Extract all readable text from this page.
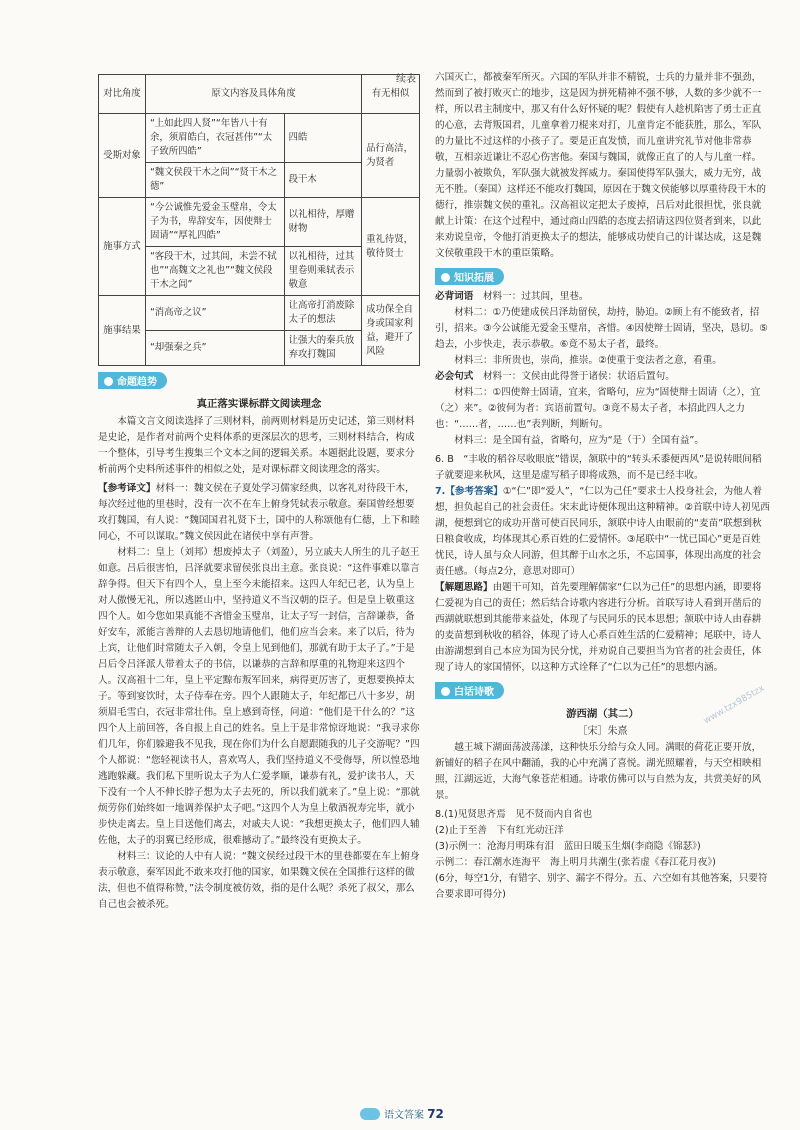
续表
对比角度	原文内容及具体角度		有无相似
受斯对象	“上如此四人贤”“年皆八十有余，须眉皓白，衣冠甚伟”“太子致所四皓”	四皓	品行高洁，为贤者
	“魏文侯段干木之闾”“贤干木之德”	段干木	
施事方式	“今公诚惟先爱金玉璧帛，令太子为书，卑辞安车，因使辩士固请”“厚礼四皓”	以礼相待，厚赠财物	重礼待贤，敬待贤士
	“客段干木，过其闾，未尝不轼也”“高魏文之礼也”“魏文侯段干木之闾”	以礼相待，过其里卷则乘轼表示敬意	
施事结果	“消高帝之议”	让高帝打消废除太子的想法	成功保全自身或国家利益，避开了风险
	“却强秦之兵”	让强大的秦兵放弃攻打魏国	
命题趋势
真正落实课标群文阅读理念

本篇文言文阅读选择了三则材料，前两则材料是历史记述，第三则材料是史论，是作者对前两个史料体系的更深层次的思考，三则材料结合，构成一个整体，引导考生搜集三个文本之间的逻辑关系。本题据此设题，要求分析前两个史料所述事件的相似之处，是对课标群文阅读理念的落实。

【参考译文】材料一：魏文侯在子夏处学习儒家经典，以客礼对待段干木，每次经过他的里巷时，没有一次不在车上俯身凭轼表示敬意。秦国曾经想要攻打魏国，有人说：“魏国国君礼贤下士，国中的人称颂他有仁德，上下和睦同心，不可以谋取。”魏文侯因此在诸侯中享有声誉。

材料二：皇上（刘邦）想废掉太子（刘盈），另立戚夫人所生的儿子赵王如意。吕后很害怕，吕泽就要求留侯张良出主意。张良说：“这件事难以靠言辞争得。但天下有四个人，皇上至今未能招来。这四人年纪已老，认为皇上对人傲慢无礼，所以逃匿山中，坚持道义不当汉朝的臣子。但是皇上敬重这四个人。如今您如果真能不吝惜金玉璧帛，让太子写一封信，言辞谦恭，备好安车，派能言善辩的人去恳切地请他们，他们应当会来。来了以后，待为上宾，让他们时常随太子入朝，令皇上见到他们，那就有助于太子了。”于是吕后令吕泽派人带着太子的书信，以谦恭的言辞和厚重的礼物迎来这四个人。汉高祖十二年，皇上平定黥布叛军回来，病得更厉害了，更想要换掉太子。等到宴饮时，太子侍奉在旁。四个人跟随太子，年纪都已八十多岁，胡须眉毛雪白，衣冠非常壮伟。皇上感到奇怪，问道：“他们是干什么的？”这四个人上前回答，各自报上自己的姓名。皇上于是非常惊讶地说：“我寻求你们几年，你们躲避我不见我，现在你们为什么自愿跟随我的儿子交游呢？”四个人都说：“您轻视读书人，喜欢骂人，我们坚持道义不受侮辱，所以惶恐地逃跑躲藏。我们私下里听说太子为人仁爱孝顺，谦恭有礼，爱护读书人，天下没有一个人不伸长脖子想为太子去死的，所以我们就来了。”皇上说：“那就烦劳你们始终如一地调养保护太子吧。”这四个人为皇上敬酒祝寿完毕，就小步快走离去。皇上目送他们离去，对戚夫人说：“我想更换太子，他们四人辅佐他，太子的羽翼已经形成，很难撼动了。”最终没有更换太子。

材料三：议论的人中有人说：“魏文侯经过段干木的里巷都要在车上俯身表示敬意，秦军因此不敢来攻打他的国家，如果魏文侯在全国推行这样的做法，但也不值得称赞，”法令制度被仿效，指的是什么呢？杀死了叔父，那么自己也会被杀死。

六国灭亡，都被秦军所灭。六国的军队并非不精锐，士兵的力量并非不强劲，然而到了被打败灭亡的地步，这是因为拼死精神不强不够，人数的多少就不一样，所以君主制度中，那又有什么好怀疑的呢？假使有人趁机陷害了勇士正直的心意，去背叛国君，儿童拿着刀棍来对打，儿童肯定不能获胜，那么，军队的力量比不过这样的小孩子了。要是正直发愤，而儿童讲究礼节对他非常恭敬，互相亲近谦让不忍心伤害他。秦国与魏国，就像正直了的人与儿童一样。力量弱小被欺负，军队强大就被发挥威力。秦国使得军队强大，威力无穷，战无不胜。（秦国）这样还不能攻打魏国，原因在于魏文侯能够以厚重待段干木的德行，推崇魏文侯的重礼。汉高祖议定把太子废掉，吕后对此很担忧，张良就献上计策：在这个过程中，通过商山四皓的态度去招请这四位贤者到来，以此来劝说皇帝，令他打消更换太子的想法，能够成功使自己的计谋达成，这是魏文侯敬重段干木的重臣策略。

知识拓展

必背词语　 材料一：过其闾，里巷。

材料二：①乃使建成侯吕泽劫留侯，劫持，胁迫。②顾上有不能致者，招引，招来。③今公诚能无爱金玉璧帛，吝惜。④因使辩士固请，坚决，恳切。⑤趋去，小步快走，表示恭敬。⑥竟不易太子者，最终。

材料三：非所贵也，崇尚，推崇。②使重于变法者之意，看重。

必会句式　 材料一：文侯由此得誉于诸侯：状语后置句。

材料二：①四使辩士固请，宜来，省略句，应为“固使辩士固请（之），宜（之）来”。②彼何为者：宾语前置句。③竟不易太子者，本招此四人之力也：“……者，……也”表判断，判断句。

材料三：是全国有益，省略句，应为“是（于）全国有益”。

6. B　“丰收的稻谷尽收眼底”错误，颔联中的“转头禾黍便西风”是说转眼间稻子就要迎来秋风，这里是虚写稻子即将成熟，而不是已经丰收。

7.【参考答案】①“仁”即“爱人”，“仁以为己任”要求士人投身社会，为他人着想，担负起自己的社会责任。宋末此诗便体现出这种精神。②首联中诗人初见西湖，便想到它的成功开凿可使百民同乐，颔联中诗人由眼前的“麦苗”联想到秋日粮食收成，均体现其心系百姓的仁爱情怀。③尾联中“一忧已国心”更是百姓忧民，诗人虽与众人同游，但其醉于山水之乐，不忘国事，体现出高度的社会责任感。（每点2分，意思对即可）

【解题思路】由题干可知，首先要理解儒家“仁以为己任”的思想内涵，即要将仁爱视为自己的责任；然后结合诗歌内容进行分析。首联写诗人看到开凿后的西湖就联想到其能带来益处，体现了与民同乐的民本思想；颔联中诗人由春耕的麦苗想到秋收的稻谷，体现了诗人心系百姓生活的仁爱精神；尾联中，诗人由游湖想到自己本应为国为民分忧，并劝说自己要担当为官者的社会责任，体现了诗人的家国情怀，以这种方式诠释了“仁以为己任”的思想内涵。

白话诗歌
游西湖（其二）
［宋］朱熹

越王城下湖面荡波荡漾，这种快乐分给与众人同。满眼的荷花正要开放，新铺好的稻子在风中翻涌，我的心中充满了喜悦。湖光照耀着，与天空相映相照，江湖远近，大海气象苍茫相通。诗歌仿佛可以与自然为友，共赏美好的风景。

8.(1)见贤思齐焉　见不贤而内自省也

(2)止于至善　下有红光动汪洋

(3)示例一：沧海月明珠有泪　蓝田日暖玉生烟(李商隐《锦瑟》)

示例二：春江潮水连海平　海上明月共潮生(张若虚《春江花月夜》)

(6分，每空1分，有错字、别字、漏字不得分。五、六空如有其他答案，只要符合要求即可得分)

www.tzx985tzx
语文答案 72
